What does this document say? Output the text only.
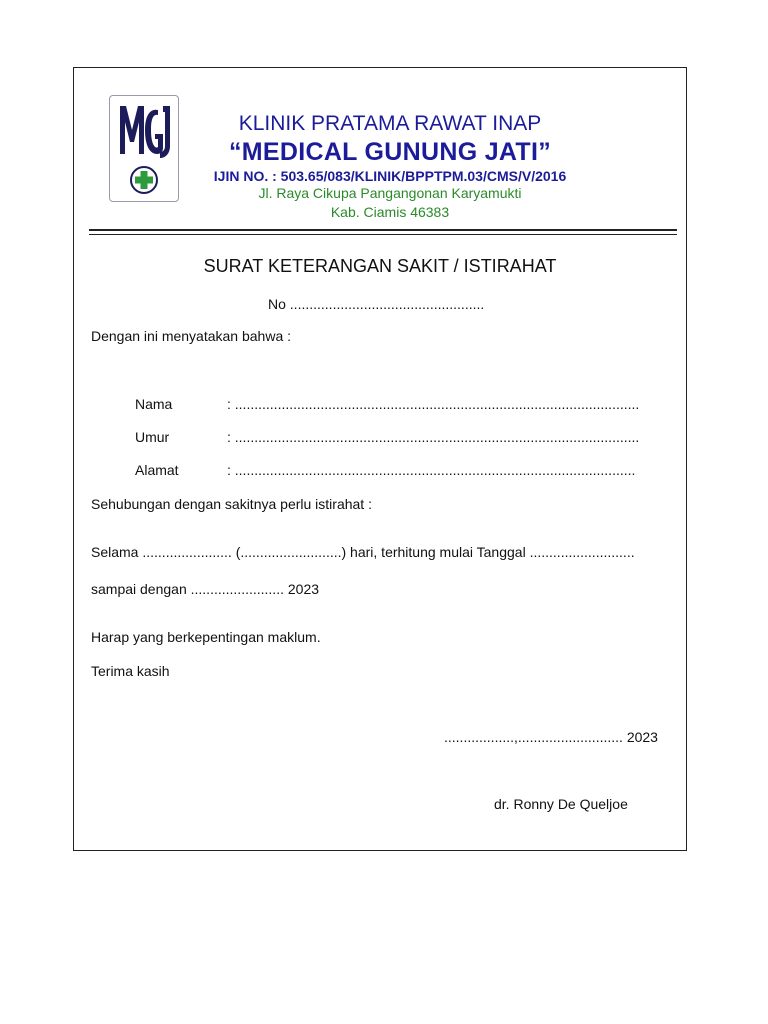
KLINIK PRATAMA RAWAT INAP
“MEDICAL GUNUNG JATI”
IJIN NO. : 503.65/083/KLINIK/BPPTPM.03/CMS/V/2016
Jl. Raya Cikupa Pangangonan Karyamukti
Kab. Ciamis 46383
SURAT KETERANGAN SAKIT / ISTIRAHAT
No ..................................................
Dengan ini menyatakan bahwa :
Nama	: ........................................................................................................
Umur	: ........................................................................................................
Alamat	: .......................................................................................................
Sehubungan dengan sakitnya perlu istirahat :
Selama ....................... (..........................) hari, terhitung mulai Tanggal ...........................
sampai dengan ........................ 2023
Harap yang berkepentingan maklum.
Terima kasih
..................,........................... 2023
dr. Ronny De Queljoe
